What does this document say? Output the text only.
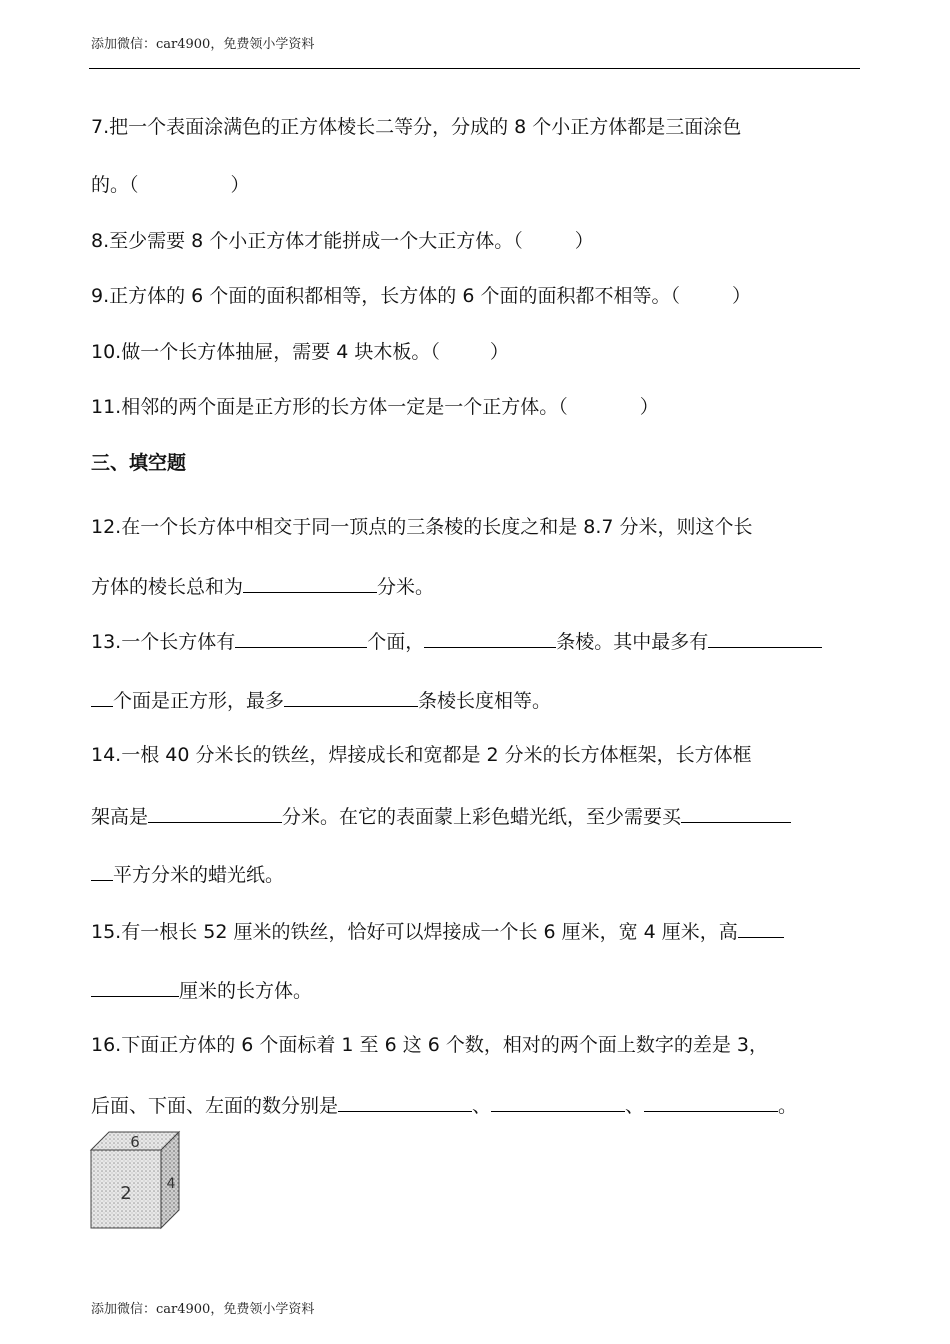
添加微信：car4900，免费领小学资料
7.把一个表面涂满色的正方体棱长二等分，分成的 8 个小正方体都是三面涂色
的。（	）
8.至少需要 8 个小正方体才能拼成一个大正方体。（	）
9.正方体的 6 个面的面积都相等，长方体的 6 个面的面积都不相等。（	）
10.做一个长方体抽屉，需要 4 块木板。（	）
11.相邻的两个面是正方形的长方体一定是一个正方体。（	）
三、填空题
12.在一个长方体中相交于同一顶点的三条棱的长度之和是 8.7 分米，则这个长
方体的棱长总和为	分米。
13.一个长方体有	个面，	条棱。其中最多有
个面是正方形，最多	条棱长度相等。
14.一根 40 分米长的铁丝，焊接成长和宽都是 2 分米的长方体框架，长方体框
架高是	分米。在它的表面蒙上彩色蜡光纸，至少需要买
平方分米的蜡光纸。
15.有一根长 52 厘米的铁丝，恰好可以焊接成一个长 6 厘米，宽 4 厘米，高
厘米的长方体。
16.下面正方体的 6 个面标着 1 至 6 这 6 个数，相对的两个面上数字的差是 3，
后面、下面、左面的数分别是	、	、	。
6
2 4
添加微信：car4900，免费领小学资料
